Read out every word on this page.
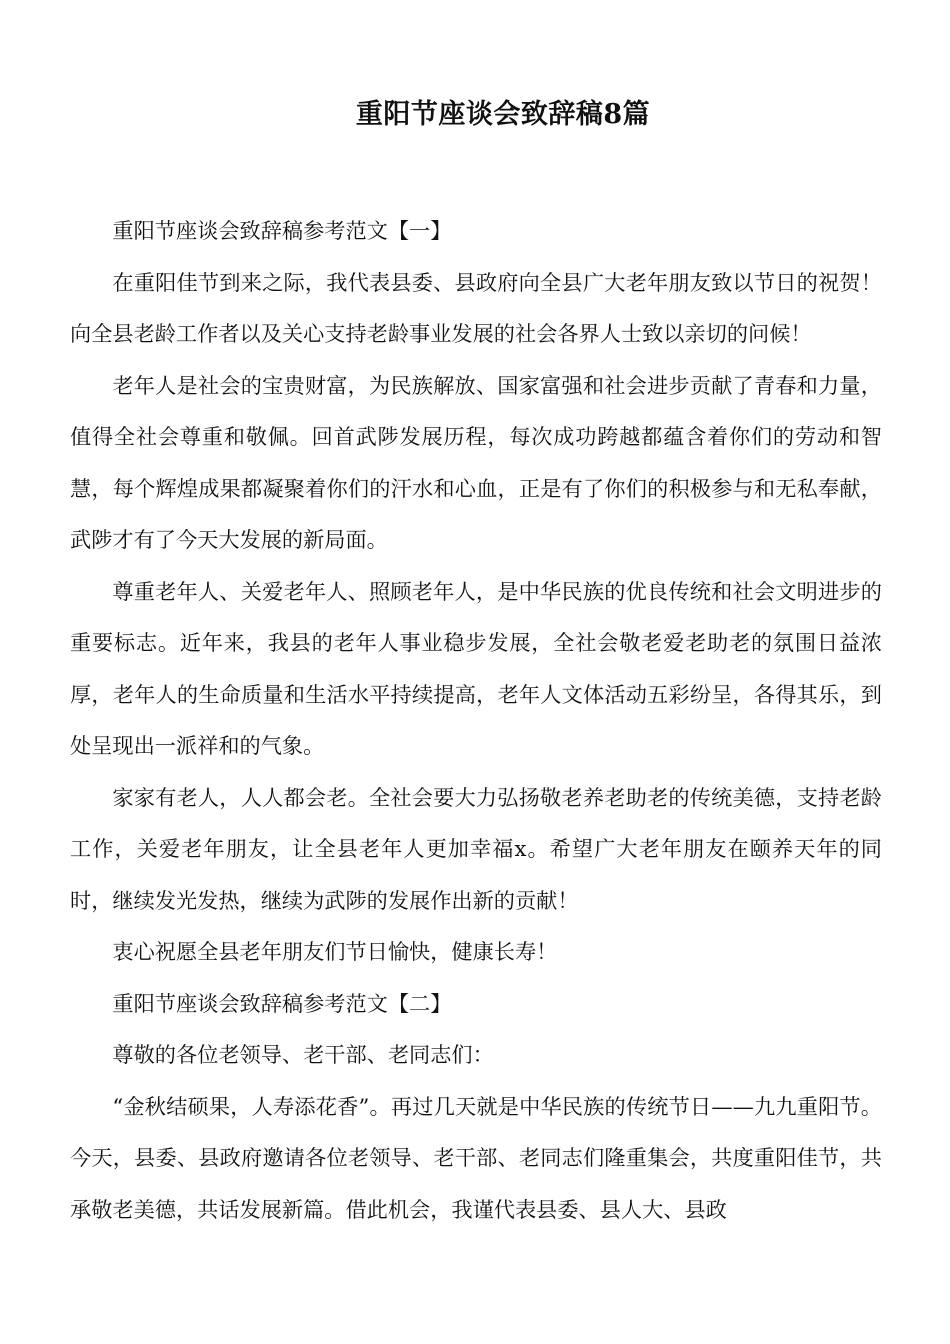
重阳节座谈会致辞稿8篇

重阳节座谈会致辞稿参考范文【一】

在重阳佳节到来之际，我代表县委、县政府向全县广大老年朋友致以节日的祝贺！向全县老龄工作者以及关心支持老龄事业发展的社会各界人士致以亲切的问候！

老年人是社会的宝贵财富，为民族解放、国家富强和社会进步贡献了青春和力量，值得全社会尊重和敬佩。回首武陟发展历程，每次成功跨越都蕴含着你们的劳动和智慧，每个辉煌成果都凝聚着你们的汗水和心血，正是有了你们的积极参与和无私奉献，武陟才有了今天大发展的新局面。

尊重老年人、关爱老年人、照顾老年人，是中华民族的优良传统和社会文明进步的重要标志。近年来，我县的老年人事业稳步发展，全社会敬老爱老助老的氛围日益浓厚，老年人的生命质量和生活水平持续提高，老年人文体活动五彩纷呈，各得其乐，到处呈现出一派祥和的气象。

家家有老人，人人都会老。全社会要大力弘扬敬老养老助老的传统美德，支持老龄工作，关爱老年朋友，让全县老年人更加幸福x。希望广大老年朋友在颐养天年的同时，继续发光发热，继续为武陟的发展作出新的贡献！

衷心祝愿全县老年朋友们节日愉快，健康长寿！

重阳节座谈会致辞稿参考范文【二】

尊敬的各位老领导、老干部、老同志们：

“金秋结硕果，人寿添花香”。再过几天就是中华民族的传统节日——九九重阳节。今天，县委、县政府邀请各位老领导、老干部、老同志们隆重集会，共度重阳佳节，共承敬老美德，共话发展新篇。借此机会，我谨代表县委、县人大、县政
